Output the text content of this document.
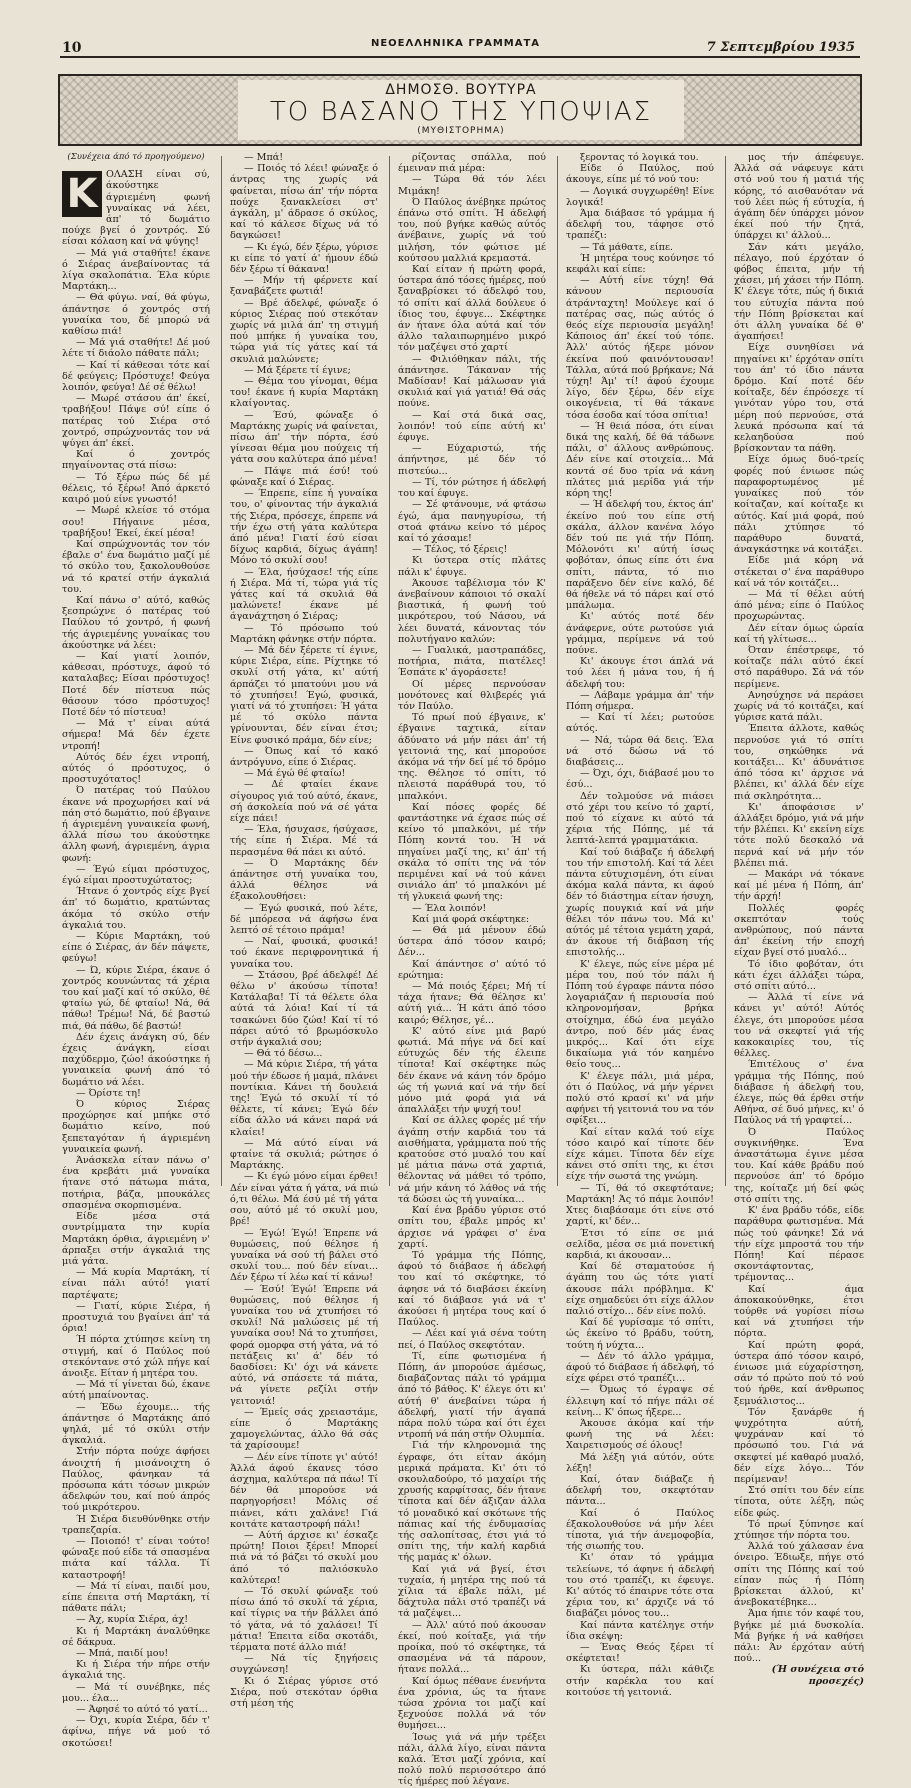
10	ΝΕΟΕΛΛΗΝΙΚΑ ΓΡΑΜΜΑΤΑ	7 Σεπτεμβρίου 1935
ΔΗΜΟΣΘ. ΒΟΥΤΥΡΑ
ΤΟ ΒΑΣΑΝΟ ΤΗΣ ΥΠΟΨΙΑΣ
(ΜΥΘΙΣΤΟΡΗΜΑ)

(Συνέχεια άπό τό προηγούμενο)

Κ ΟΛΑΣΗ είναι σύ, άκούστηκε άγριεμένη φωνή γυναίκας νά λέει, άπ' τό δωμάτιο πούχε βγεί ό χοντρός. Σύ είσαι κόλαση καί νά ψύγης!

— Μά γιά σταθήτε! έκανε ό Σιέρας άνεβαίνοντας τά λίγα σκαλοπάτια. Έλα κύριε Μαρτάκη...

— Θά φύγω. ναί, θά φύγω, άπάντησε ό χοντρός στή γυναίκα του, δέ μπορώ νά καθίσω πιά!

— Μά γιά σταθήτε! Δέ μού λέτε τί διάολο πάθατε πάλι;

— Καί τί κάθεσαι τότε καί δέ φεύγεις; Πρόστυχε! Φεύγα λοιπόν, φεύγα! Δέ σέ θέλω!

— Μωρέ στάσου άπ' έκεί, τραβήξου! Πάψε σύ! είπε ό πατέρας τού Σιέρα στό χοντρό, σπρώχνοντάς τον νά ψύγει άπ' έκεί.

Καί ό χοντρός πηγαίνοντας στά πίσω:

— Τό ξέρω πώς δέ μέ θέλεις, τό ξέρω! Άπό άρκετό καιρό μού είνε γνωστό!

— Μωρέ κλείσε τό στόμα σου! Πήγαινε μέσα, τραβήξου! Έκεί, έκεί μέσα!

Καί σπρώχνοντάς τον τόν έβαλε σ' ένα δωμάτιο μαζί μέ τό σκύλο του, ξακολουθούσε νά τό κρατεί στήν άγκαλιά του.

Καί πάνω σ' αύτό, καθώς ξεσπρώχνε ό πατέρας τού Παύλου τό χοντρό, ή φωνή τής άγριεμένης γυναίκας του άκούστηκε νά λέει:

— Καί γιατί λοιπόν, κάθεσαι, πρόστυχε, άφού τό καταλαβες; Είσαι πρόστυχος! Ποτέ δέν πίστευα πώς θάσουν τόσο πρόστυχος! Ποτέ δέν τό πίστευα!

— Μά τ' είναι αύτά σήμερα! Μά δέν έχετε ντροπή!

Αύτός δέν έχει ντροπή, αύτός ό πρόστυχος, ό προστυχότατος!

Ό πατέρας τού Παύλου έκανε νά προχωρήσει καί νά πάη στό δωμάτιο, πού έβγαινε ή άγριεμένη γυναικεία φωνή, άλλά πίσω του άκούστηκε άλλη φωνή, άγριεμένη, άγρια φωνή:

— Έγώ είμαι πρόστυχος, έγώ είμαι προστυχώτατος;

Ήτανε ό χοντρός είχε βγεί άπ' τό δωμάτιο, κρατώντας άκόμα τό σκύλο στήν άγκαλιά του.

— Κύριε Μαρτάκη, τού είπε ό Σιέρας, άν δέν πάψετε, φεύγω!

— Ώ, κύριε Σιέρα, έκανε ό χοντρός κουνώντας τά χέρια του καί μαζί καί τό σκύλο, θέ φταίω γώ, δέ φταίω! Νά, θά πάθω! Τρέμω! Νά, δέ βαστώ πιά, θά πάθω, δέ βαστώ!

Δέν έχεις άνάγκη σύ, δέν έχεις άνάγκη, είσαι παχύδερμο, ζώο! άκούστηκε ή γυναικεία φωνή άπό τό δωμάτιο νά λέει.

— Όρίστε τη!

Ό κύριος Σιέρας προχώρησε καί μπήκε στό δωμάτιο κείνο, πού ξεπεταγόταν ή άγριεμένη γυναικεία φωνή.

Άνάσκελα είταν πάνω σ' ένα κρεβάτι μιά γυναίκα ήτανε στό πάτωμα πιάτα, ποτήρια, βάζα, μπουκάλες σπασμένα σκορπισμένα.

Είδε μέσα στά συντρίμματα την κυρία Μαρτάκη όρθια, άγριεμένη ν' άρπαξει στήν άγκαλιά της μιά γάτα.

— Μά κυρία Μαρτάκη, τί είναι πάλι αύτό! γιατί παρτέψατε;

— Γιατί, κύριε Σιέρα, ή προστυχιά του βγαίνει άπ' τά όρια!

Ή πόρτα χτύπησε κείνη τη στιγμή, καί ό Παύλος πού στεκόντανε στό χώλ πήγε καί άνοιξε. Είταν ή μητέρα του.

— Μά τί γίνεται δώ, έκανε αύτή μπαίνοντας.

— Έδω έχουμε... τής άπάντησε ό Μαρτάκης άπό ψηλά, μέ τό σκύλι στήν άγκαλιά.

Στήν πόρτα πούχε άφήσει άνοιχτή ή μισάνοιχτη ό Παύλος, φάνηκαν τά πρόσωπα κάτι τόσων μικρών άδελφών του, καί πού άπρός τού μικρότερου.

Ή Σιέρα διευθύνθηκε στήν τραπεζαρία.

— Ποιοπό! τ' είναι τούτο! φώναξε πού είδε τά σπασμένα πιάτα καί τάλλα. Τί καταστροφή!

— Μά τί είναι, παιδί μου, είπε έπειτα στή Μαρτάκη, τί πάθατε πάλι;

— Άχ, κυρία Σιέρα, άχ!

Κι ή Μαρτάκη άναλύθηκε σέ δάκρυα.

— Μπά, παιδί μου!

Κι ή Σιέρα τήν πήρε στήν άγκαλιά της.

— Μά τί συνέβηκε, πές μου... έλα...

— Άφησέ το αύτό τό γατί...

— Όχι, κυρία Σιέρα, δέν τ' άφίνω, πήγε νά μού τό σκοτώσει!

— Μπά!

— Ποιός τό λέει! φώναξε ό άντρας της χωρίς νά φαίνεται, πίσω άπ' τήν πόρτα πούχε ξανακλείσει στ' άγκάλη, μ' άδρασε ό σκύλος, καί τό κάλεσε δίχως νά τό δαγκώσει!

— Κι έγώ, δέν ξέρω, γύρισε κι είπε τό γατί ά' ήμουν έδώ δέν ξέρω τί θάκανα!

— Μήν τή φέρνετε καί ξαναβάζετε φωτιά!

— Βρέ άδελφέ, φώναξε ό κύριος Σιέρας πού στεκόταν χωρίς νά μιλά άπ' τη στιγμή πού μπήκε ή γυναίκα του, τώρα γιά τίς γάτες καί τά σκυλιά μαλώνετε;

— Μά ξέρετε τί έγινε;

— Θέμα του γίνομαι, θέμα του! έκανε ή κυρία Μαρτάκη κλαίγοντας.

— Έσύ, φώναξε ό Μαρτάκης χωρίς νά φαίνεται, πίσω άπ' τήν πόρτα, έσύ γίνεσαι θέμα μου πούχεις τή γάτα σου καλύτερα άπό μένα!

— Πάψε πιά έσύ! τού φώναξε καί ό Σιέρας.

— Έπρεπε, είπε ή γυναίκα του, ο' φίνοντας τήν άγκαλιά τής Σιέρα, πρόσεχε, έπρεπε νά τήν έχω στή γάτα καλύτερα άπό μένα! Γιατί έσύ είσαι δίχως καρδιά, δίχως άγάπη! Μόνο τό σκυλί σου!

— Έλα, ήσύχασε! τής είπε ή Σιέρα. Μά τί, τώρα γιά τίς γάτες καί τά σκυλιά θά μαλώνετε! έκανε μέ άγανάχτηση ό Σιέρας;

— Τό πρόσωπο τού Μαρτάκη φάνηκε στήν πόρτα.

— Μά δέν ξέρετε τί έγινε, κύριε Σιέρα, είπε. Ρίχτηκε τό σκυλί στή γάτα, κι' αύτή άρπάζει τό μπατούνι μου νά τό χτυπήσει! Έγώ, φυσικά, γιατί νά τό χτυπήσει: Ή γάτα μέ τό σκύλο πάντα γρίνουνται, δέν είναι έτσι; Είνε φυσικό πράμα, δέν είνε;

— Όπως καί τό κακό άντρόγυνο, είπε ό Σιέρας.

— Μά έγώ θέ φταίω!

— Δέ φταίει έκανε σίγουρος γιά τού αύτό, έκανε, σή άσκολεία πού νά σέ γάτα είχε πάει!

— Έλα, ήσυχασε, ήσύχασε, τής είπε ή Σιέρα. Μέ τά περασμένα θά πάει κι αύτό.

— Ό Μαρτάκης δέν άπάντησε στή γυναίκα του, άλλά θέλησε νά έξακολουθήσει:

— Έγώ φυσικά, πού λέτε, δέ μπόρεσα νά άφήσω ένα λεπτό σέ τέτοιο πράμα!

— Ναί, φυσικά, φυσικά! τού έκανε περιφρονητικά ή γυναίκα του.

— Στάσου, βρέ άδελφέ! Δέ θέλω ν' άκούσω τίποτα! Κατάλαβα! Τί τά θέλετε όλα αύτά τά λόια! Καί τί τά τσακώνει δύο ζώα! Καί τί τό πάρει αύτό τό βρωμόσκυλο στήν άγκαλιά σου;

— Θά τό δέσω...

— Μά κύριε Σιέρα, τή γάτα μού τήν έδωσε ή μαμά, πλάνει ποντίκια. Κάνει τή δουλειά της! Έγώ τό σκυλί τί τό θέλετε, τί κάνει; Έγώ δέν είδα άλλο νά κάνει παρά νά κλαίει!

— Μά αύτό είναι νά φταίνε τά σκυλιά; ρώτησε ό Μαρτάκης.

— Κι έγώ μόνο είμαι έρθει! Δέν είναι γάτα ή γάτα, νά πιώ ό,τι θέλω. Μά έσύ μέ τή γάτα σου, αύτό μέ τό σκυλί μου, βρέ!

— Έγώ! Έγώ! Έπρεπε νά θυμώσεις, πού θέλησε ή γυναίκα νά σού τή βάλει στό σκυλί του... πού δέν είναι... Δέν ξέρω τί λέω καί τί κάνω!

— Έσύ! Έγώ! Έπρεπε νά θυμώσεις, πού θέλησε ή γυναίκα του νά χτυπήσει τό σκυλί! Νά μαλώσεις μέ τή γυναίκα σου! Νά το χτυπήσει, φορά ομορφα στή γάτα, νά τό πετάξεις κι' ά' δέν τό δασδίσει: Κι' όχι νά κάνετε αύτό, νά σπάσετε τά πιάτα, νά γίνετε ρεζίλι στήν γειτονιά!

— Έμείς σάς χρειαστάμε, είπε ό Μαρτάκης χαμογελώντας, άλλο θά σάς τά χαρίσουμε!

— Δέν είνε τίποτε γι' αύτό! Άλλά άφού έκανες τόσο άσχημα, καλύτερα πά πάω! Τί δέν θά μπορούσε νά παρηγορήσει! Μόλις σέ πιάνει, κάτι χαλάνε! Γιά κοιτάτε καταστροφή πάλι!

— Αύτή άρχισε κι' έσκαζε πρώτη! Ποιοι ξέρει! Μπορεί πιά νά τό βάζει τό σκυλί μου άπό τό παλιόσκυλο καλύτερα!

— Τό σκυλί φώναξε τού πίσω άπό τό σκυλί τά χέρια, καί τίγρις να τήν βάλλει άπό τό γάτα, νά τό χαλάσει! Τί μάτια! Έπειτα είδα σκοτάδι, τέρματα ποτέ άλλο πιά!

— Νά τίς ξηγήσεις συγχώνεση!

Κι ό Σιέρας γύρισε στό Σιέρα, πού στεκόταν όρθια στή μέση τής

ρίζοντας σπάλλα, πού έμειναν πιά μέρα:

— Τώρα θά τόν λέει Μιμάκη!

Ό Παύλος άνέβηκε πρώτος έπάνω στό σπίτι. Ή άδελφή του, πού βγήκε καθώς αύτός άνέβαινε, χωρίς νά τού μιλήση, τόν φώτισε μέ κούτσου μαλλιά κρεμαστά.

Καί είταν ή πρώτη φορά, ύστερα άπό τόσες ήμέρες, πού ξαναβρίσκει τό άδελφό του, τό σπίτι καί άλλά δούλευε ό ίδιος του, έφυγε... Σκέφτηκε άν ήτανε όλα αύτά καί τόν άλλο ταλαιπωρημένο μικρό τόν μαζέψει στό χαρτί

— Φιλιόθηκαν πάλι, τής άπάντησε. Τάκαναν τής Μαδίσαν! Καί μάλωσαν γιά σκυλιά καί γιά γατιά! Θά σάς πούνε.

— Καί στά δικά σας, λοιπόν! τού είπε αύτή κι' έφυγε.

— Εύχαριστώ, τής άπήντησε, μέ δέν τό πιστεύω...

— Τί, τόν ρώτησε ή άδελφή του καί έφυγε.

— Σέ φτάνουμε, νά φτάσω έγώ, άμα πανηγυρίσω, τή στοά φτάνω κείνο τό μέρος καί τό χάσαμε!

— Τέλος, τό ξέρεις!

Κι ύστερα στίς πλάτες πάλι κ' έφυγε.

Άκουσε ταβέλισμα τόν Κ' άνεβαίνουν κάποιοι τό σκαλί βιαστικά, ή φωνή τού μικρότερου, τού Νάσου, νά λέει δυνατά, κάνοντας τόν πολυτήγανο καλών:

— Γυαλικά, μαστραπάδες, ποτήρια, πιάτα, πιατέλες! Έσπάτε κ' άγοράσετε!

Οί μέρες περνούσαν μονότονες καί θλιβερές γιά τόν Παύλο.

Τό πρωί πού έβγαινε, κ' έβγαινε ταχτικά, είταν άδύνατο νά μήν πάει άπ' τή γειτονιά της, καί μπορούσε άκόμα νά τήν δεί μέ τό δρόμο της. Θέλησε τό σπίτι, τό πλειστά παράθυρά του, τό μπαλκόνι.

Καί πόσες φορές δέ φαντάστηκε νά έχασε πώς σέ κείνο τό μπαλκόνι, μέ τήν Πόπη κοντά του. Ή νά πηγαίνει μαζί της, κι' άπ' τή σκάλα τό σπίτι της νά τόν περιμένει καί νά τού κάνει σινιάλο άπ' τό μπαλκόνι μέ τή γλυκειά φωνή της:

— Έλα λοιπόν!

Καί μιά φορά σκέφτηκε:

— Θά μά μένουν έδώ ύστερα άπό τόσον καιρό; Δέν...

Καί άπάντησε σ' αύτό τό ερώτημα:

— Μά ποιός ξέρει; Μή τί τάχα ήτανε; Θά θέλησε κι' αύτή γιά... Ή κάτι άπό τόσο καιρό; Θέλησε, γέ...

Κ' αύτό είνε μιά βαρύ φωτιά. Μά πήγε νά δεί καί εύτυχώς δέν τής έλειπε τίποτα! Καί σκέφτηκε πώς δέν έκανε νά κάνη τόν δρόμο ώς τή γωνιά καί νά τήν δεί μόνο μιά φορά γιά νά άπαλλάξει τήν ψυχή του!

Καί σε άλλες φορές μέ τήν άγάπη στήν καρδιά του τά αισθήματα, γράμματα πού τής κρατούσε στό μυαλό του καί μέ μάτια πάνω στά χαρτιά, θέλοντας νά μάθει τό τρόπο, νά μήν κάνη τό λάθος νά τής τά δώσει ώς τή γυναίκα...

Καί ένα βράδυ γύρισε στό σπίτι του, έβαλε μπρός κι' άρχισε νά γράφει σ' ένα χαρτί.

Τό γράμμα τής Πόπης, άφού τό διάβασε ή άδελφή του καί τό σκέφτηκε, τό άφησε νά τό διαβάσει έκείνη καί τό διάβασε γιά νά τ' άκούσει ή μητέρα τους καί ό Παύλος.

— Λέει καί γιά σένα τούτη πεί, ό Παύλος σκεφτόταν.

Τί, είπε φωτισμένα ή Πόπη, άν μπορούσε άμέσως, διαβάζοντας πάλι τό γράμμα άπό τό βάθος. Κ' έλεγε ότι κι' αύτή θ' άνεβαίνει τώρα ή άδελφή, γιατί τήν άγαπά πάρα πολύ τώρα καί ότι έχει ντροπή νά πάη στήν Ολυμπία.

Γιά τήν κληρονομιά της έγραφε, ότι είταν άκόμη μερικά πράματα. Κι' ότι τό σκουλαδούρο, τό μαχαίρι τής χρυσής καρφίτσας, δέν ήτανε τίποτα καί δέν άξιζαν άλλα τό μοναδικό καί σκότωνε τής πάπιας καί τής ένδυμασίας τής σαλοπίτσας, έτσι γιά τό σπίτι της, τήν καλή καρδιά τής μαμάς κ' όλων.

Καί γιά νά βγεί, έτσι τυχαία, ή μητέρα της πού τά χίλια τά έβαλε πάλι, μέ δάχτυλα πάλι στό τραπέζι νά τά μαζέψει...

— Άλλ' αύτό πού άκουσαν έκεί, πού κοίταξε, γιά τήν προίκα, πού τό σκέφτηκε, τά σπασμένα νά τά πάρουν, ήτανε πολλά...

Καί όμως πέθανε ένενήντα ένα χρόνια, ώς τα ήτανε τώσα χρόνια τοι μαζί καί ξεχνούσε πολλά νά τόν θυμήσει...

Ίσως γιά νά μήν τρέξει πάλι, άλλά λίγο, είναι πάντα καλά. Έτσι μαζί χρόνια, καί πολύ πολύ περισσότερο άπό τίς ήμέρες πού λέγανε.

ξεροντας τό λογικά του.

Είδε ό Παύλος, πού άκουγε, είπε μέ τό νού του:

— Λογικά συγχωρέθη! Είνε λογικά!

Άμα διάβασε τό γράμμα ή άδελφή του, τάφησε στό τραπέζι:

— Τά μάθατε, είπε.

Ή μητέρα τους κούνησε τό κεφάλι καί είπε:

— Αύτή είνε τύχη! Θά κάνουν περιουσία άτράνταχτη! Μούλεγε καί ό πατέρας σας, πώς αύτός ό θεός είχε περιουσία μεγάλη! Κάποιος άπ' έκεί τού τόπε. Άλλ' αύτός ήξερε μόνον έκείνα πού φαινόντουσαν! Τάλλα, αύτά πού βρήκανε; Νά τύχη! Άμ' τί! άφού έχουμε λίγο, δέν ξέρω, δέν είχε οικογένεια, τί θά τάκανε τόσα έσοδα καί τόσα σπίτια!

— Ή θειά πόσα, ότι είναι δικά της καλή, δέ θά τάδωνε πάλι, σ' άλλους ανθρώπους. Δέν είνε καί στοιχεία... Μά κοντά σέ δυο τρία νά κάνη πλάτες μιά μερίδα γιά τήν κόρη της!

— Ή άδελφή του, έκτος άπ' έκείνο πού του είπε στή σκάλα, άλλον κανένα λόγο δέν τού πε γιά τήν Πόπη. Μόλονότι κι' αύτή ίσως φοβόταν, όπως είπε ότι ένα σπίτι, πάντα, τό πιο παράξενο δέν είνε καλό, δέ θά ήθελε νά τό πάρει καί στό μπάλωμα.

Κι' αύτός ποτέ δέν άνάφερνε, ούτε ρωτούσε γιά γράμμα, περίμενε νά τού πούνε.

Κι' άκουγε έτσι άπλά νά τού λέει ή μάνα του, ή ή άδελφή του:

— Λάβαμε γράμμα άπ' τήν Πόπη σήμερα.

— Καί τί λέει; ρωτούσε αύτός.

— Νά, τώρα θά δεις. Έλα νά στό δώσω νά τό διαβάσεις...

— Όχι, όχι, διάβασέ μου το έσύ...

Δέν τολμούσε νά πιάσει στό χέρι του κείνο τό χαρτί, πού τό είχανε κι αύτό τά χέρια τής Πόπης, μέ τά λεπτά-λεπτά γραμματάκια.

Καί τού διάβαζε ή άδελφή του τήν επιστολή. Καί τά λέει πάντα εύτυχισμένη, ότι είναι άκόμα καλά πάντα, κι άφού δέν τό διάστημα είταν ήσυχη, χωρίς πουγκιά καί νά μήν θέλει τόν πάνω του. Μά κι' αύτός μέ τέτοια γεμάτη χαρά, άν άκουε τή διάβαση τής επιστολής...

Κ' έλεγε, πώς είνε μέρα μέ μέρα του, πού τόν πάλι ή Πόπη τού έγραφε πάντα πόσο λογαριάζαν ή περιουσία πού κληρονομήσαν, βρήκα στοίχημα, έδώ ένα μεγάλο άντρο, πού δέν μάς ένας μικρός... Καί ότι είχε δικαίωμα γιά τόν καημένο θείο τους...

Κ' έλεγε πάλι, μιά μέρα, ότι ό Παύλος, νά μήν γέρνει πολύ στό κρασί κι' νά μήν αφήνει τή γειτονιά του να τόν σφίξει...

Καί είταν καλά τού είχε τόσο καιρό καί τίποτε δέν είχε κάμει. Τίποτα δέν είχε κάνει στό σπίτι της, κι έτσι είχε τήν σωστά της γνώμη.

— Τί, θά τό σκεφτότανε; Μαρτάκη! Άς τό πάμε λοιπόν! Χτες διαβάσαμε ότι είνε στό χαρτί, κι' δέν...

Έτσι τό είπε σε μιά σελίδα, μέσα σε μιά πονετική καρδιά, κι άκουσαν...

Καί δέ σταματούσε ή άγάπη του ώς τότε γιατί άκουσε πάλι πρόβλημα. Κ' είχε σημαδεύει ότι είχε άλλον παλιό στίχο... δέν είνε πολύ.

Καί δέ γυρίσαμε τό σπίτι, ώς έκείνο τό βράδυ, τούτη, τούτη ή νύχτα...

— Δέν τό άλλο γράμμα, άφού τό διάβασε ή άδελφή, τό είχε φέρει στό τραπέζι...

— Όμως τό έγραψε σέ έλλειψη καί τό πήγε πάλι σέ κείνη... Κ' όπως ήξερε...

Άκουσε άκόμα καί τήν φωνή της νά λέει: Χαιρετισμούς σέ όλους!

Μά λέξη γιά αύτόν, ούτε λέξη!

Καί, όταν διάβαζε ή άδελφή του, σκεφτόταν πάντα...

Καί ό Παύλος έξακολουθούσε νά μήν λέει τίποτα, γιά τήν άνεμοφοβία, τής σιωπής του.

Κι' όταν τό γράμμα τελείωνε, τό άφηνε ή άδελφή του στό τραπέζι, κι έφευγε. Κι' αύτός τό έπαιρνε τότε στα χέρια του, κι' άρχιζε νά τό διαβάζει μόνος του...

Καί πάντα κατέληγε στήν ίδια σκέψη:

— Ένας Θεός ξέρει τί σκέφτεται!

Κι ύστερα, πάλι κάθιζε στήν καρέκλα του καί κοιτούσε τή γειτονιά.

μος τήν άπέφευγε. Άλλά σά νάφευγε κάτι στό νού του ή ματιά τής κόρης, τό αισθανόταν νά τού λέει πώς ή εύτυχία, ή άγάπη δέν ύπάρχει μόνον έκεί πού τήν ζητά, ύπάρχει κι' άλλού...

Σάν κάτι μεγάλο, πέλαγο, πού έρχόταν ό φόβος έπειτα, μήν τή χάσει, μή χάσει τήν Πόπη. Κ' έλεγε τότε, πώς ή δικιά του εύτυχία πάντα πού τήν Πόπη βρίσκεται καί ότι άλλη γυναίκα δέ θ' άγαπήσει!

Είχε συνηθίσει νά πηγαίνει κι' έρχόταν σπίτι του άπ' τό ίδιο πάντα δρόμο. Καί ποτέ δέν κοίταξε, δέν έπρόσεχε τί γινόταν γύρο του, στά μέρη πού περνούσε, στά λευκά πρόσωπα καί τά κελαηδούσα πού βρίσκονταν τα πάθη.

Είχε όμως δυό-τρείς φορές πού ένιωσε πώς παραφορτωμένος μέ γυναίκες πού τόν κοίταζαν, καί κοίταξε κι αύτός. Καί μιά φορά, πού πάλι χτύπησε τό παράθυρο δυνατά, άναγκάστηκε νά κοιτάξει.

Είδε μιά κόρη νά στέκεται σ' ένα παράθυρο καί νά τόν κοιτάζει...

— Μά τί θέλει αύτή άπό μένα; είπε ό Παύλος προχωρώντας.

Δέν είταν όμως ώραία καί τή γλίτωσε...

Όταν έπέστρεφε, τό κοίταζε πάλι αύτό έκεί στό παράθυρο. Σά νά τόν περίμενε.

Ανησύχησε νά περάσει χωρίς νά τό κοιτάζει, καί γύρισε κατά πάλι.

Έπειτα άλλοτε, καθώς περνούσε γιά τό σπίτι του, σηκώθηκε νά κοιτάξει... Κι' άδυνάτισε άπό τόσα κι' άρχισε νά βλέπει, κι' άλλά δέν είχε πιά σκληρότητα...

Κι' άποφάσισε ν' άλλάξει δρόμο, γιά νά μήν τήν βλέπει. Κι' εκείνη είχε τότε πολύ δεσκαλό νά περνά καί νά μήν τόν βλέπει πιά.

— Μακάρι νά τόκανε καί μέ μένα ή Πόπη, άπ' τήν άρχή!

Πολλές φορές σκεπτόταν τούς ανθρώπους, πού πάντα άπ' έκείνη τήν εποχή είχαν βγεί στό μυαλό...

Τό ίδιο φοβόταν, ότι κάτι έχει άλλάξει τώρα, στό σπίτι αύτό...

— Άλλά τί είνε νά κάνει γι' αύτό! Αύτός έλεγε, ότι μπορούσε μέσα του νά σκεφτεί γιά τής κακοκαιρίες του, τίς θέλλες.

Έπιτέλους σ' ένα γράμμα τής Πόπης, πού διάβασε ή άδελφή του, έλεγε, πώς θά έρθει στήν Αθήνα, σέ δυό μήνες, κι' ό Παύλος νά τή γραφτεί...

Ό Παύλος συγκινήθηκε. Ένα άναστάτωμα έγινε μέσα του. Καί κάθε βράδυ πού περνούσε άπ' τό δρόμο της, κοίταζε μή δεί φώς στό σπίτι της.

Κ' ένα βράδυ τόδε, είδε παράθυρα φωτισμένα. Μά πώς τού φάνηκε! Σά νά τήν είχε μπροστά του τήν Πόπη! Καί πέρασε σκοντάφτοντας, τρέμοντας...

Καί άμα άποκακούνθηκε, έτσι τούρθε νά γυρίσει πίσω καί νά χτυπήσει τήν πόρτα.

Καί πρώτη φορά, ύστερα άπό τόσον καιρό, ένιωσε μιά εύχαρίστηση, σάν τό πρώτο πού τό νού τού ήρθε, καί άνθρωπος ξεμυάλιστος...

Τόν ξανάρθε ή ψυχρότητα αύτή, ψυχράναν καί τό πρόσωπό του. Γιά νά σκεφτεί μέ καθαρό μυαλό, δέν είχε λόγο... Τόν περίμεναν!

Στό σπίτι του δέν είπε τίποτα, ούτε λέξη, πώς είδε φώς.

Τό πρωί ξύπνησε καί χτύπησε τήν πόρτα του.

Άλλά τού χάλασαν ένα όνειρο. Έδιωξε, πήγε στό σπίτι της Πόπης καί τού είπαν πώς ή Πόπη βρίσκεται άλλού, κι' άνεβοκατέβηκε...

Άμα ήπιε τόν καφέ του, βγήκε μέ μιά δυσκολία. Μά βγήκε ή νά καθήσει πάλι: Άν έρχόταν αύτή πού...

(Ή συνέχεια στό προσεχές)
